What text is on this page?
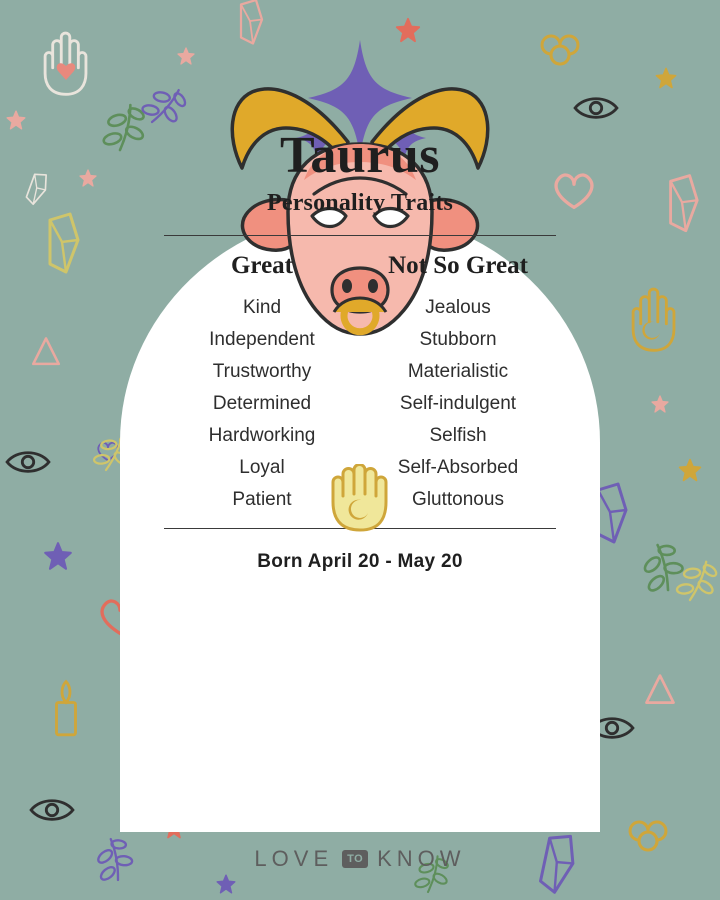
Taurus
Personality Traits
Great
Kind
Independent
Trustworthy
Determined
Hardworking
Loyal
Patient
Not So Great
Jealous
Stubborn
Materialistic
Self-indulgent
Selfish
Self-Absorbed
Gluttonous
Born April 20 - May 20
LOVE	TO KNOW
